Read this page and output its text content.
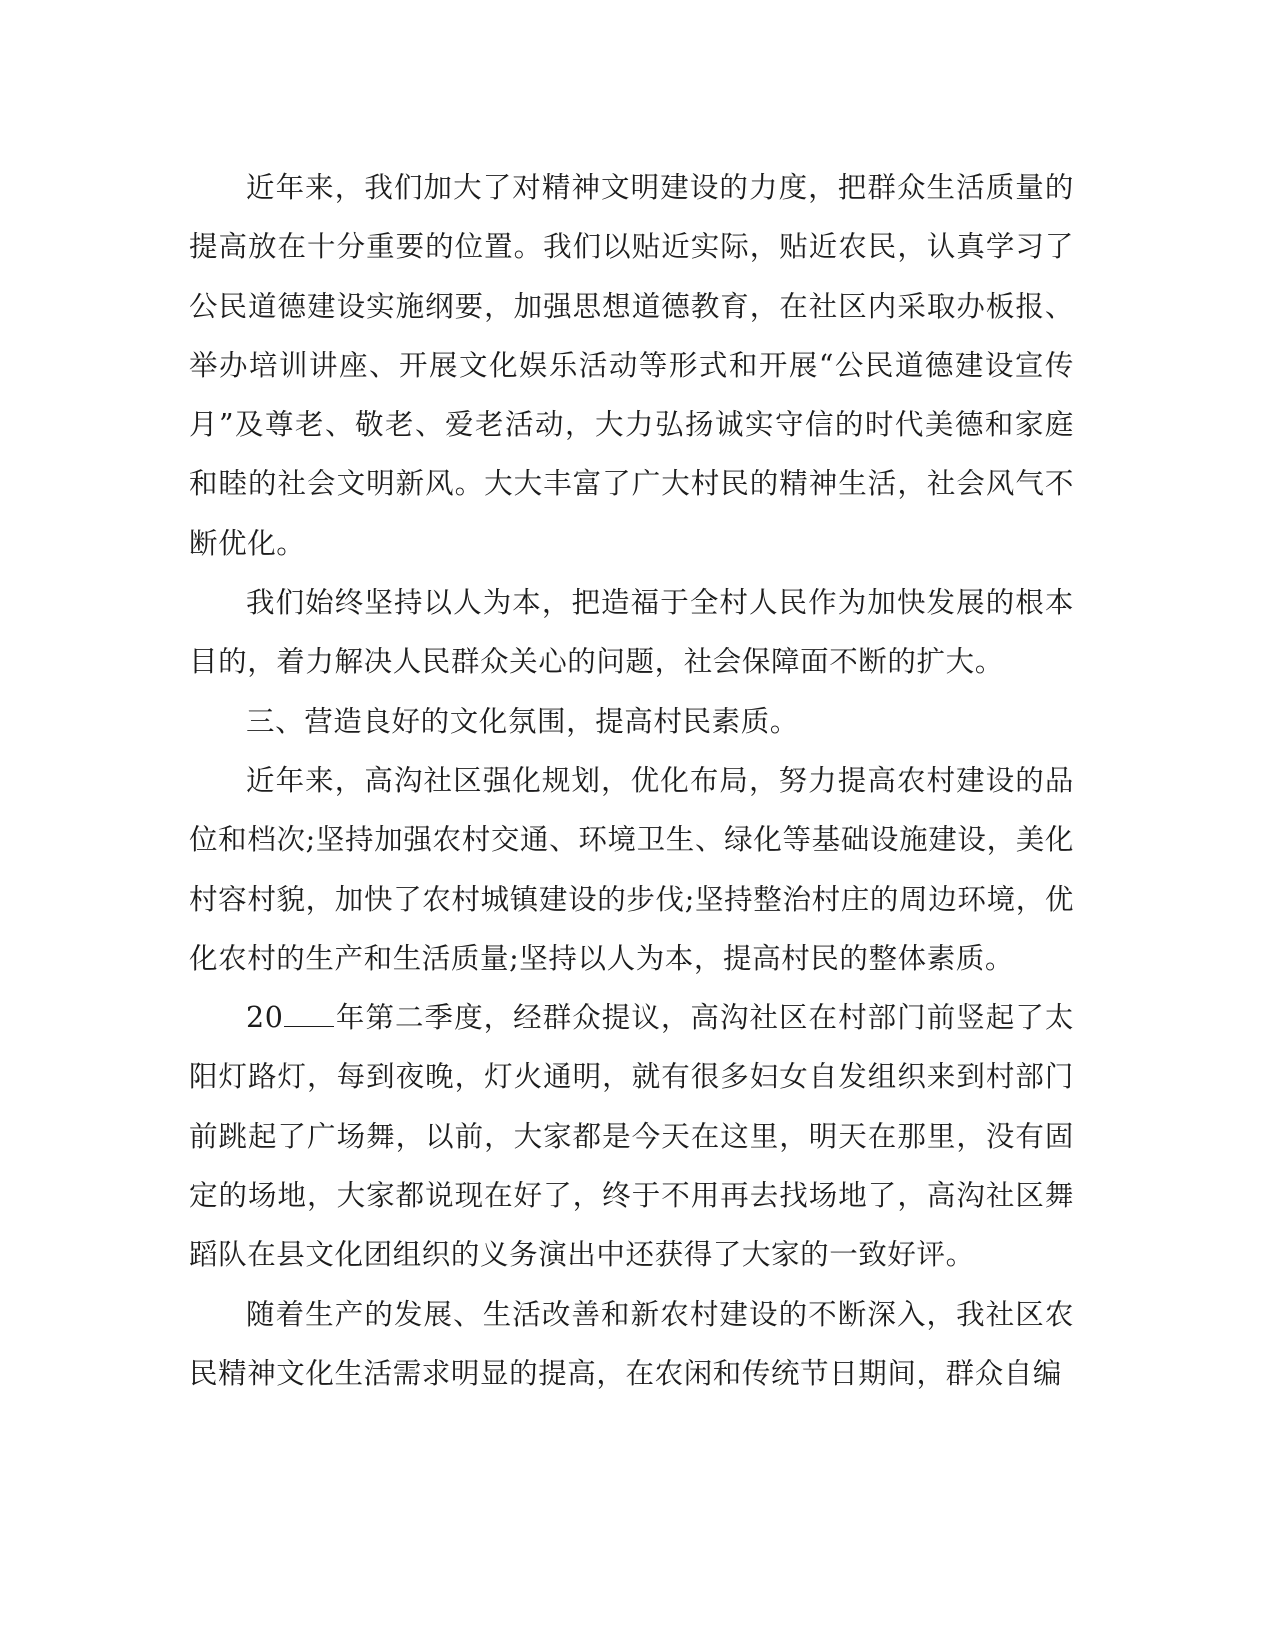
近年来，我们加大了对精神文明建设的力度，把群众生活质量的提高放在十分重要的位置。我们以贴近实际，贴近农民，认真学习了公民道德建设实施纲要，加强思想道德教育，在社区内采取办板报、举办培训讲座、开展文化娱乐活动等形式和开展“公民道德建设宣传月”及尊老、敬老、爱老活动，大力弘扬诚实守信的时代美德和家庭和睦的社会文明新风。大大丰富了广大村民的精神生活，社会风气不断优化。

我们始终坚持以人为本，把造福于全村人民作为加快发展的根本目的，着力解决人民群众关心的问题，社会保障面不断的扩大。

三、营造良好的文化氛围，提高村民素质。

近年来，高沟社区强化规划，优化布局，努力提高农村建设的品位和档次;坚持加强农村交通、环境卫生、绿化等基础设施建设，美化村容村貌，加快了农村城镇建设的步伐;坚持整治村庄的周边环境，优化农村的生产和生活质量;坚持以人为本，提高村民的整体素质。

20 年第二季度，经群众提议，高沟社区在村部门前竖起了太阳灯路灯，每到夜晚，灯火通明，就有很多妇女自发组织来到村部门前跳起了广场舞，以前，大家都是今天在这里，明天在那里，没有固定的场地，大家都说现在好了，终于不用再去找场地了，高沟社区舞蹈队在县文化团组织的义务演出中还获得了大家的一致好评。

随着生产的发展、生活改善和新农村建设的不断深入，我社区农民精神文化生活需求明显的提高，在农闲和传统节日期间，群众自编
